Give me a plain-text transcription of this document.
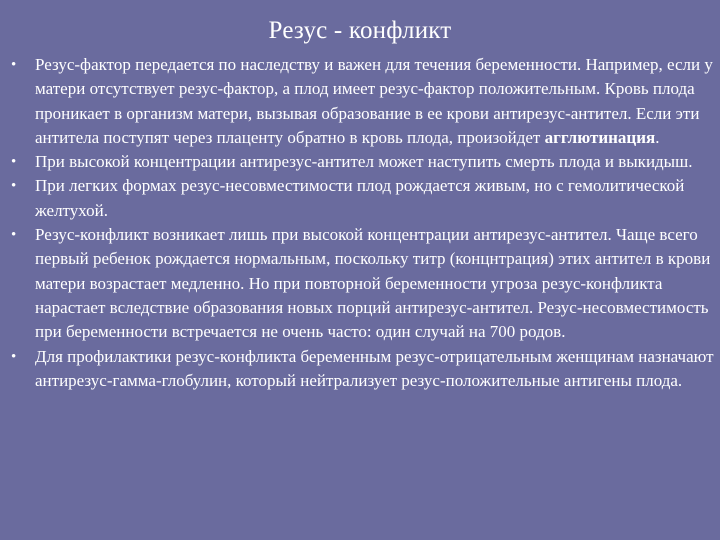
Резус - конфликт
• Резус-фактор передается по наследству и важен для течения беременности. Например, если у матери отсутствует резус-фактор, а плод имеет резус-фактор положительным. Кровь плода проникает в организм матери, вызывая образование в ее крови антирезус-антител. Если эти антитела поступят через плаценту обратно в кровь плода, произойдет агглютинация.
• При высокой концентрации антирезус-антител может наступить смерть плода и выкидыш.
• При легких формах резус-несовместимости плод рождается живым, но с гемолитической желтухой.
• Резус-конфликт возникает лишь при высокой концентрации антирезус-антител. Чаще всего первый ребенок рождается нормальным, поскольку титр (концнтрация) этих антител в крови матери возрастает медленно. Но при повторной беременности угроза резус-конфликта нарастает вследствие образования новых порций антирезус-антител. Резус-несовместимость при беременности встречается не очень часто: один случай на 700 родов.
• Для профилактики резус-конфликта беременным резус-отрицательным женщинам назначают антирезус-гамма-глобулин, который нейтрализует резус-положительные антигены плода.
